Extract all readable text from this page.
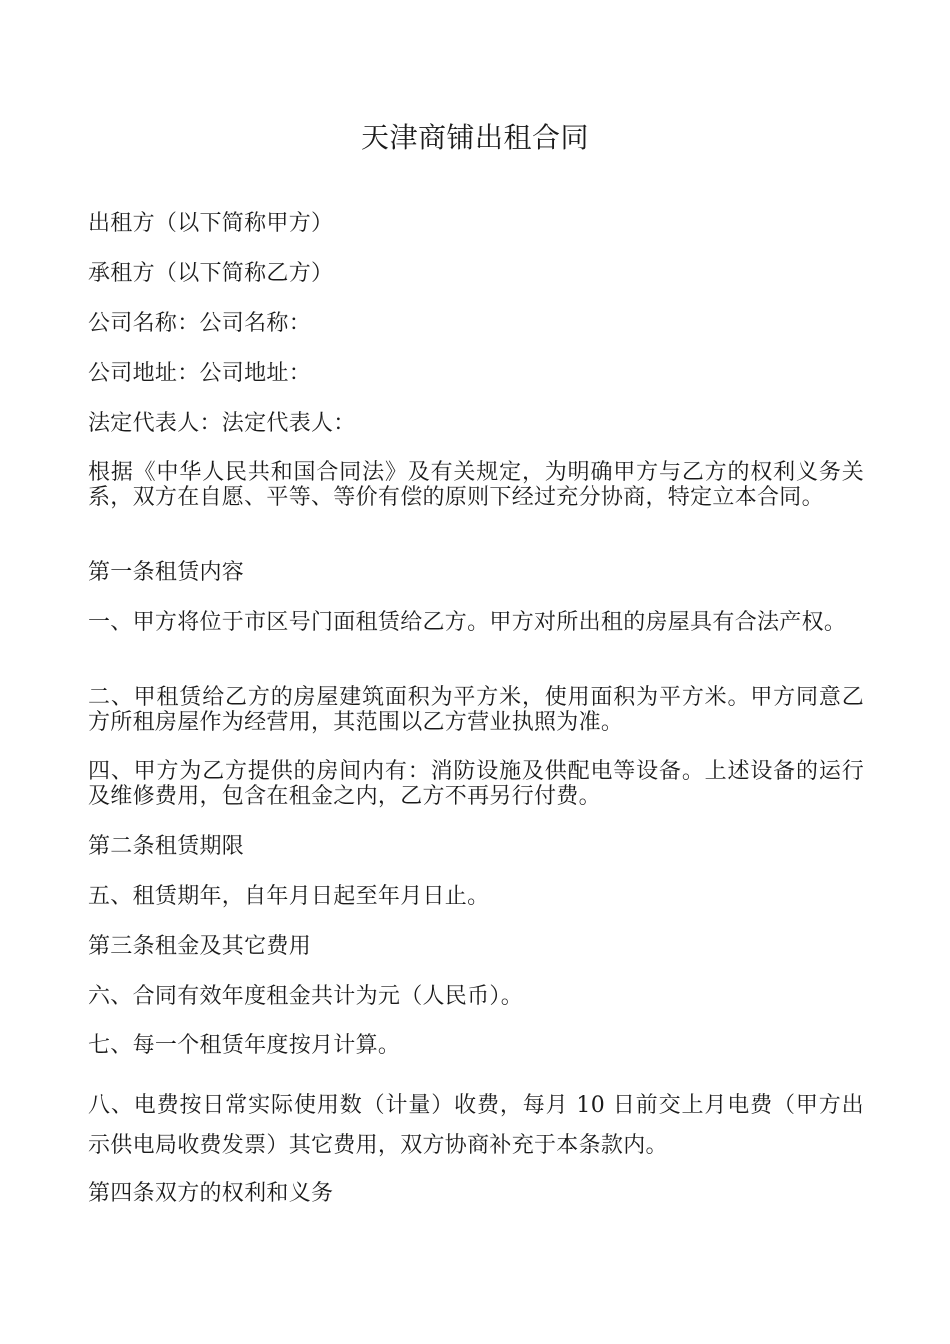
天津商铺出租合同

出租方（以下简称甲方）

承租方（以下简称乙方）

公司名称：公司名称：

公司地址：公司地址：

法定代表人：法定代表人：

根据《中华人民共和国合同法》及有关规定，为明确甲方与乙方的权利义务关系，双方在自愿、平等、等价有偿的原则下经过充分协商，特定立本合同。

第一条租赁内容

一、甲方将位于市区号门面租赁给乙方。甲方对所出租的房屋具有合法产权。

二、甲租赁给乙方的房屋建筑面积为平方米，使用面积为平方米。甲方同意乙方所租房屋作为经营用，其范围以乙方营业执照为准。

四、甲方为乙方提供的房间内有：消防设施及供配电等设备。上述设备的运行及维修费用，包含在租金之内，乙方不再另行付费。

第二条租赁期限

五、租赁期年，自年月日起至年月日止。

第三条租金及其它费用

六、合同有效年度租金共计为元（人民币）。

七、每一个租赁年度按月计算。

八、电费按日常实际使用数（计量）收费，每月 10 日前交上月电费（甲方出示供电局收费发票）其它费用，双方协商补充于本条款内。

第四条双方的权利和义务
